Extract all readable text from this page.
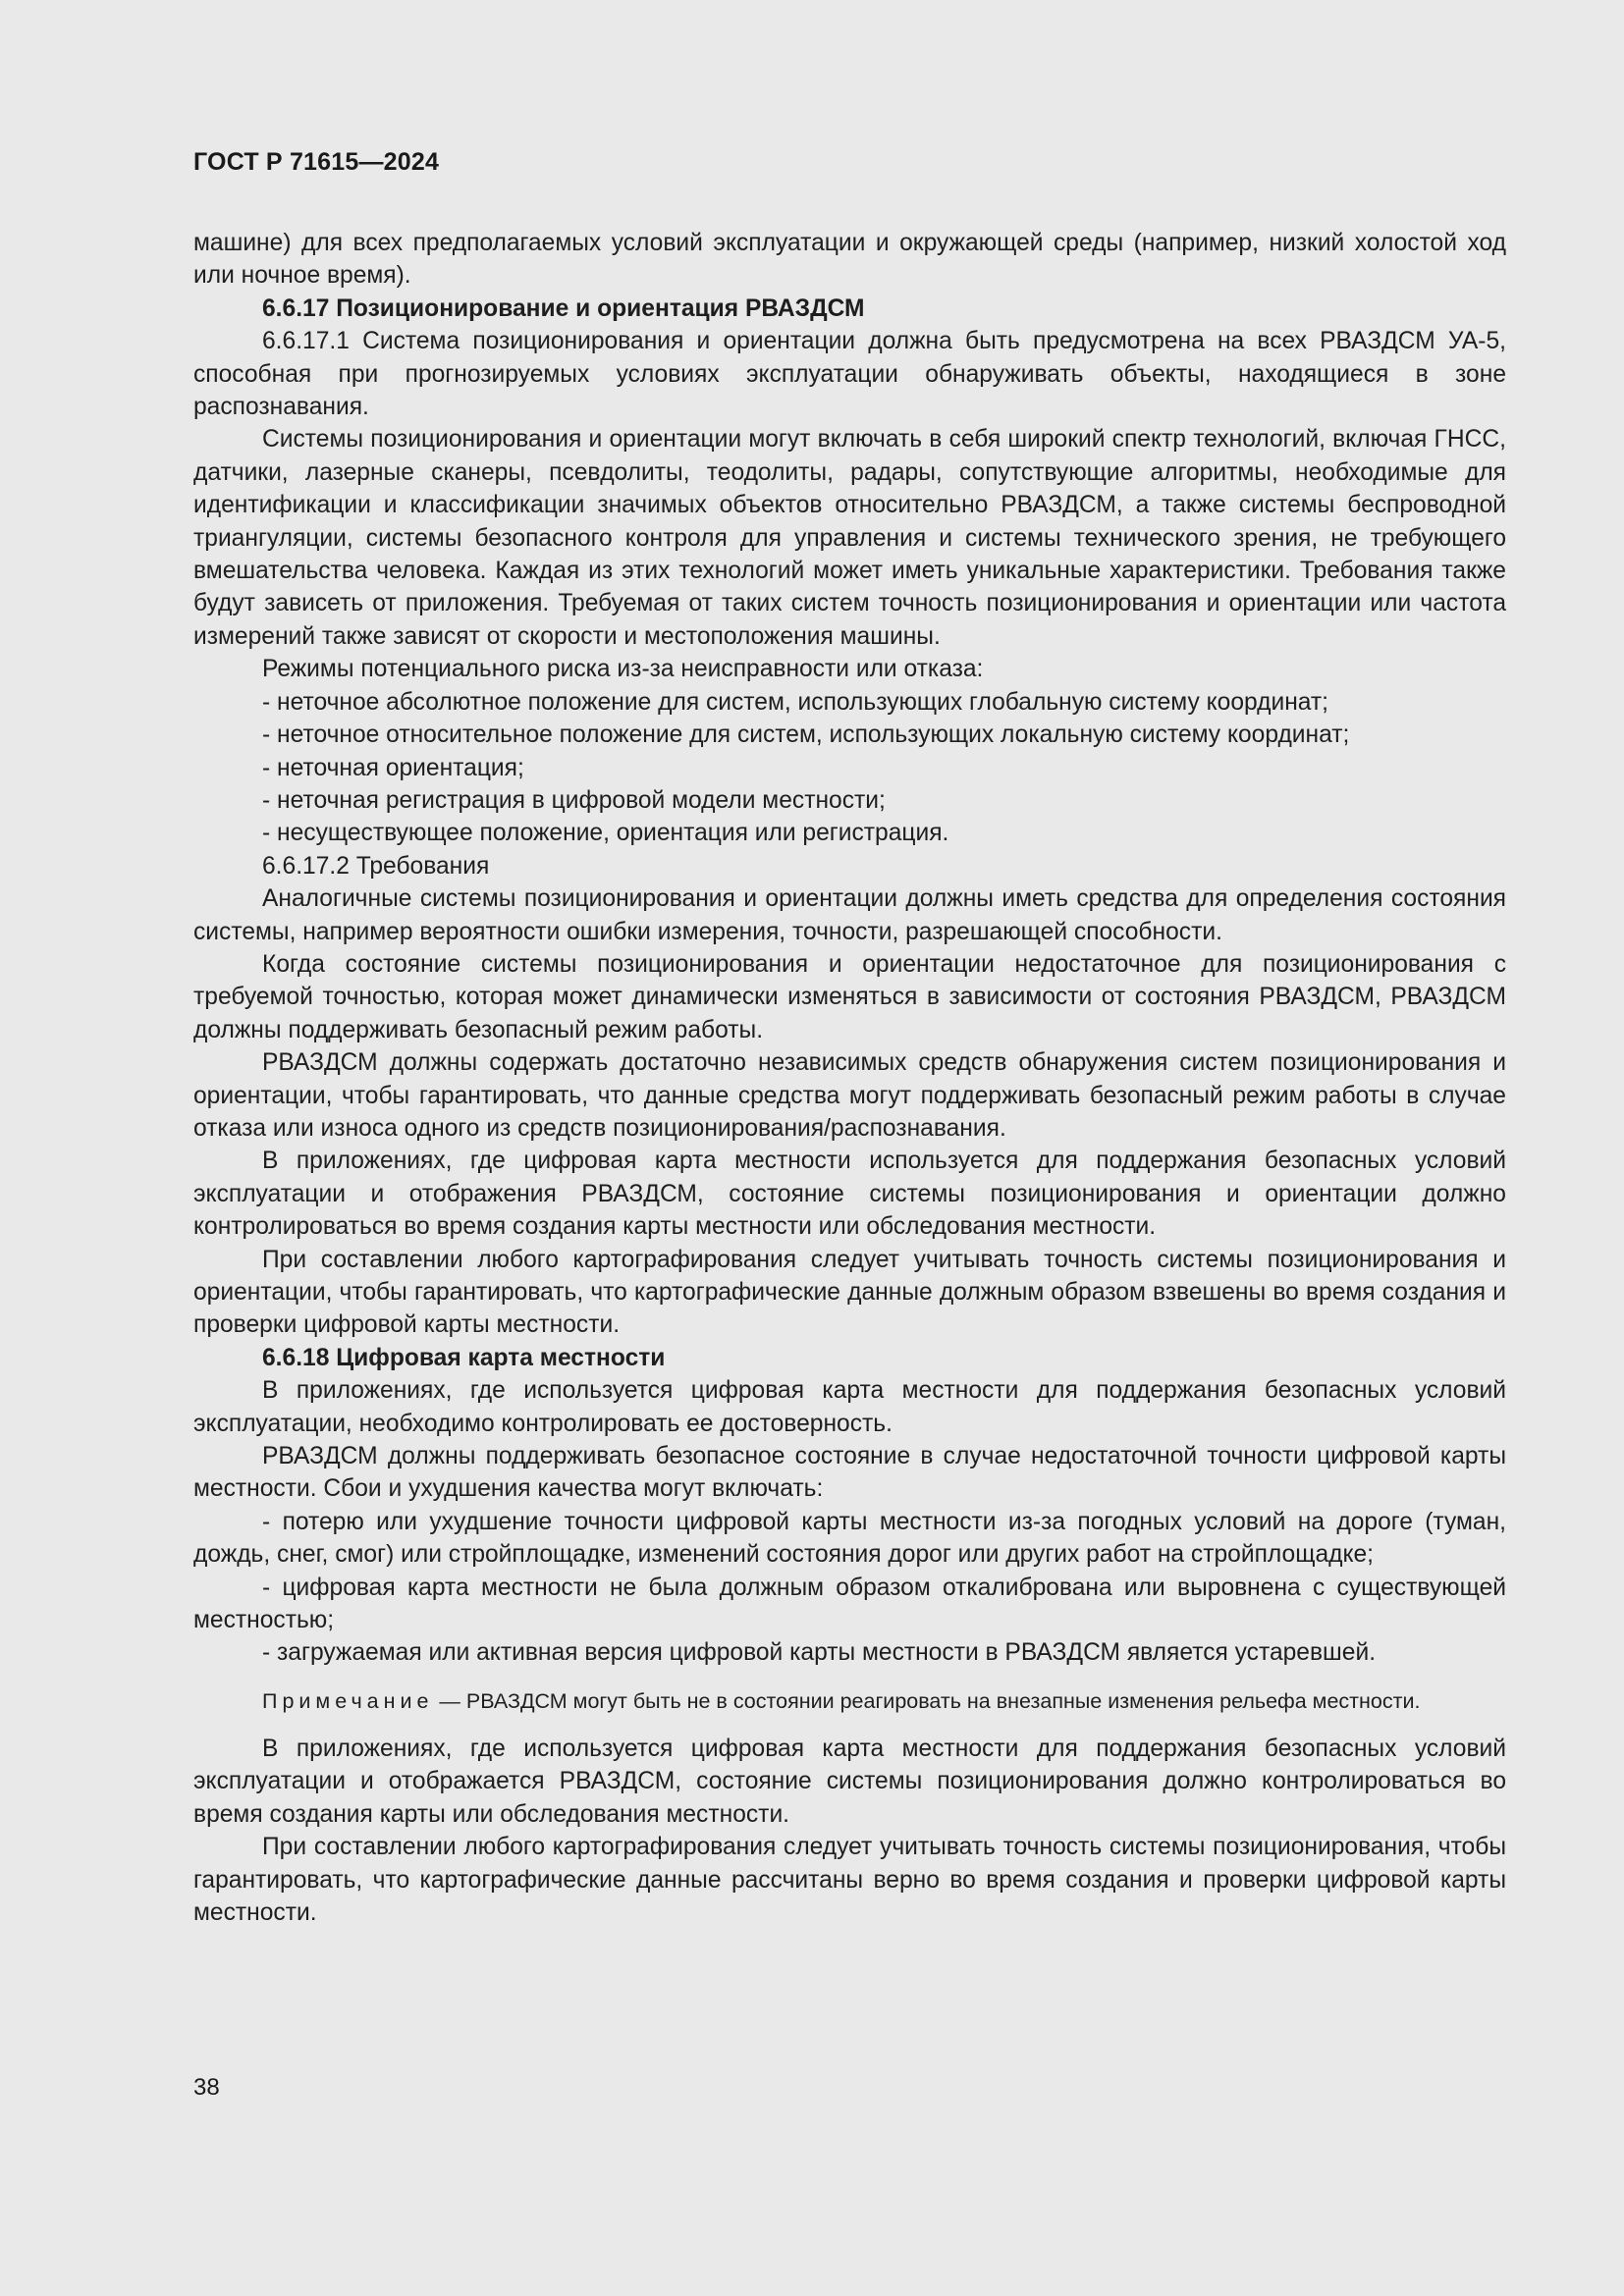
ГОСТ Р 71615—2024

машине) для всех предполагаемых условий эксплуатации и окружающей среды (например, низкий холостой ход или ночное время).

6.6.17 Позиционирование и ориентация РВАЗДСМ

6.6.17.1 Система позиционирования и ориентации должна быть предусмотрена на всех РВАЗДСМ УА-5, способная при прогнозируемых условиях эксплуатации обнаруживать объекты, находящиеся в зоне распознавания.

Системы позиционирования и ориентации могут включать в себя широкий спектр технологий, включая ГНСС, датчики, лазерные сканеры, псевдолиты, теодолиты, радары, сопутствующие алгоритмы, необходимые для идентификации и классификации значимых объектов относительно РВАЗДСМ, а также системы беспроводной триангуляции, системы безопасного контроля для управления и системы технического зрения, не требующего вмешательства человека. Каждая из этих технологий может иметь уникальные характеристики. Требования также будут зависеть от приложения. Требуемая от таких систем точность позиционирования и ориентации или частота измерений также зависят от скорости и местоположения машины.

Режимы потенциального риска из-за неисправности или отказа:

- неточное абсолютное положение для систем, использующих глобальную систему координат;
- неточное относительное положение для систем, использующих локальную систему координат;
- неточная ориентация;
- неточная регистрация в цифровой модели местности;
- несуществующее положение, ориентация или регистрация.

6.6.17.2 Требования

Аналогичные системы позиционирования и ориентации должны иметь средства для определения состояния системы, например вероятности ошибки измерения, точности, разрешающей способности.

Когда состояние системы позиционирования и ориентации недостаточное для позиционирования с требуемой точностью, которая может динамически изменяться в зависимости от состояния РВАЗДСМ, РВАЗДСМ должны поддерживать безопасный режим работы.

РВАЗДСМ должны содержать достаточно независимых средств обнаружения систем позиционирования и ориентации, чтобы гарантировать, что данные средства могут поддерживать безопасный режим работы в случае отказа или износа одного из средств позиционирования/распознавания.

В приложениях, где цифровая карта местности используется для поддержания безопасных условий эксплуатации и отображения РВАЗДСМ, состояние системы позиционирования и ориентации должно контролироваться во время создания карты местности или обследования местности.

При составлении любого картографирования следует учитывать точность системы позиционирования и ориентации, чтобы гарантировать, что картографические данные должным образом взвешены во время создания и проверки цифровой карты местности.

6.6.18 Цифровая карта местности

В приложениях, где используется цифровая карта местности для поддержания безопасных условий эксплуатации, необходимо контролировать ее достоверность.

РВАЗДСМ должны поддерживать безопасное состояние в случае недостаточной точности цифровой карты местности. Сбои и ухудшения качества могут включать:

- потерю или ухудшение точности цифровой карты местности из-за погодных условий на дороге (туман, дождь, снег, смог) или стройплощадке, изменений состояния дорог или других работ на стройплощадке;
- цифровая карта местности не была должным образом откалибрована или выровнена с существующей местностью;
- загружаемая или активная версия цифровой карты местности в РВАЗДСМ является устаревшей.

Примечание — РВАЗДСМ могут быть не в состоянии реагировать на внезапные изменения рельефа местности.

В приложениях, где используется цифровая карта местности для поддержания безопасных условий эксплуатации и отображается РВАЗДСМ, состояние системы позиционирования должно контролироваться во время создания карты или обследования местности.

При составлении любого картографирования следует учитывать точность системы позиционирования, чтобы гарантировать, что картографические данные рассчитаны верно во время создания и проверки цифровой карты местности.

38
